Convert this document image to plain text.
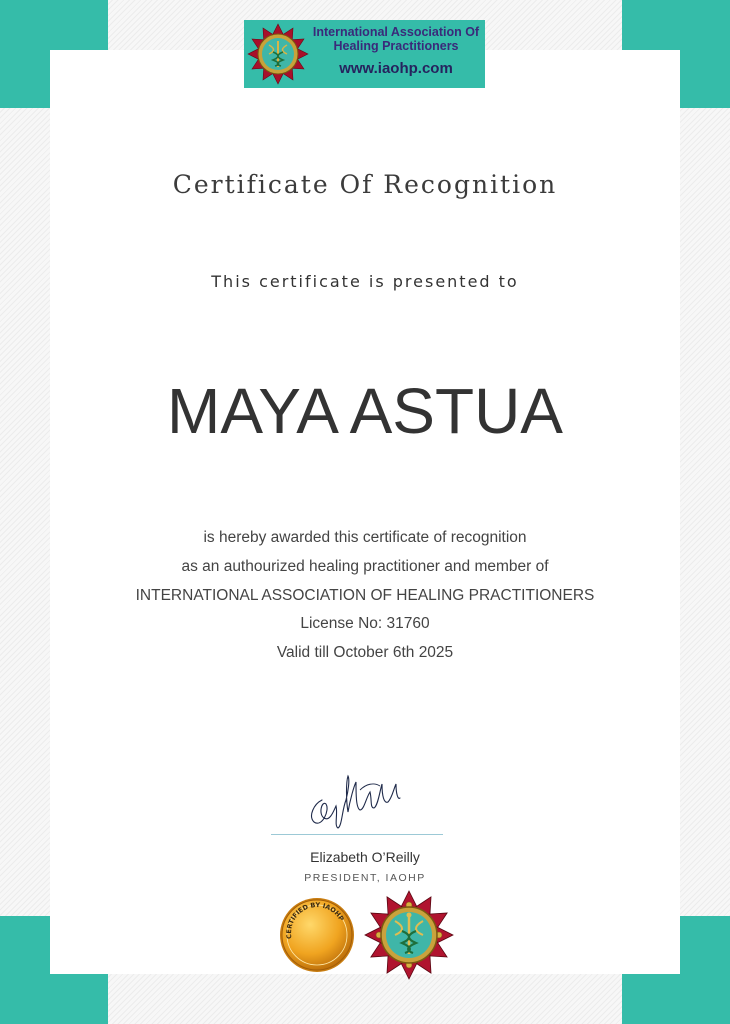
International Association Of
Healing Practitioners
www.iaohp.com
Certificate Of Recognition
This certificate is presented to
MAYA ASTUA
is hereby awarded this certificate of recognition
as an authourized healing practitioner and member of
INTERNATIONAL ASSOCIATION OF HEALING PRACTITIONERS
License No: 31760
Valid till October 6th 2025
Elizabeth O’Reilly
PRESIDENT, IAOHP
CERTIFIED BY IAOHP
